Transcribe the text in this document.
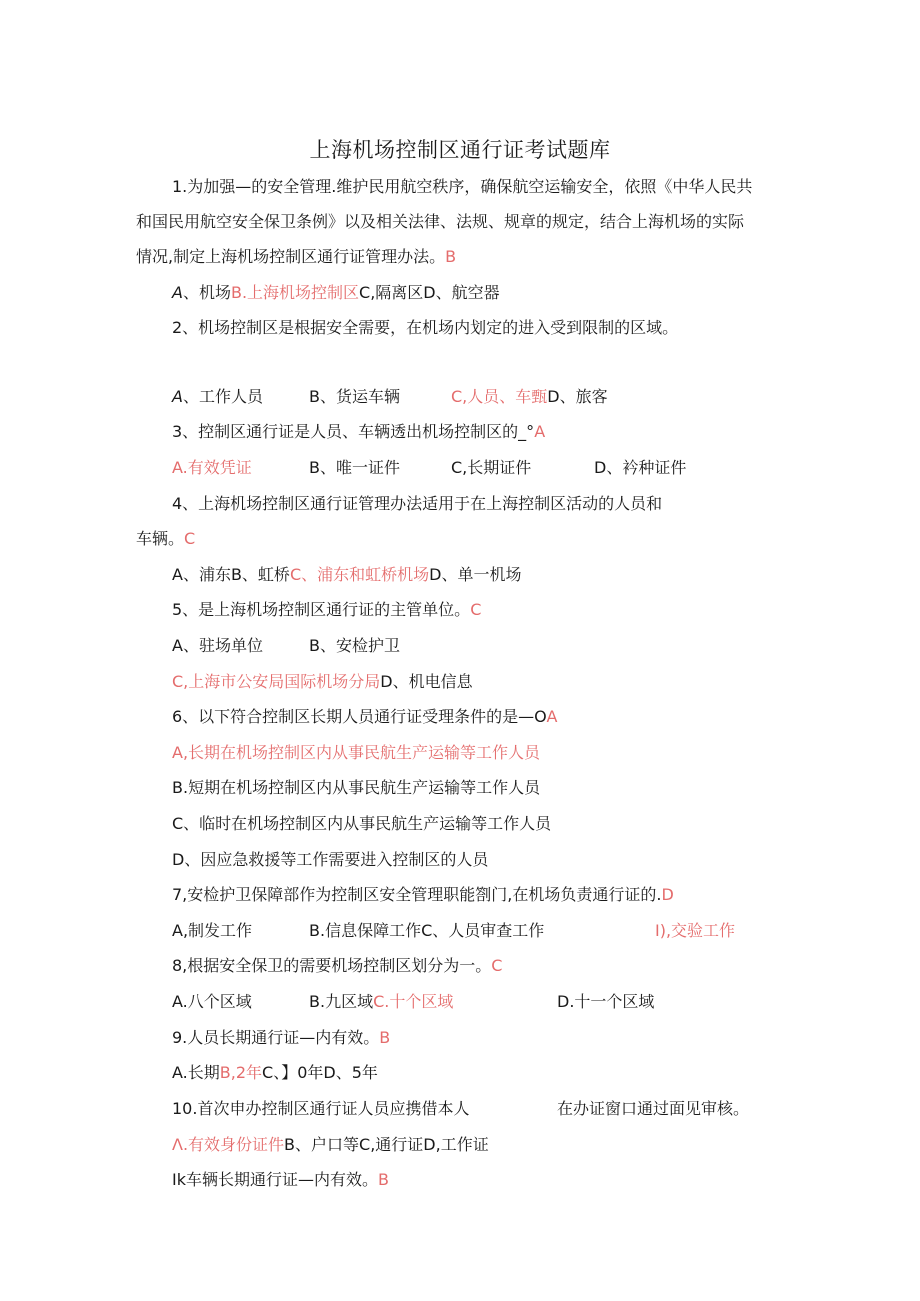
上海机场控制区通行证考试题库
1.为加强—的安全管理.维护民用航空秩序，确保航空运输安全，依照《中华人民共
和国民用航空安全保卫条例》以及相关法律、法规、规章的规定，结合上海机场的实际
情况,制定上海机场控制区通行证管理办法。B
A、机场B.上海机场控制区C,隔离区D、航空器
2、机场控制区是根据安全需要，在机场内划定的进入受到限制的区域。
A、工作人员	B、货运车辆	C,人员、车甄D、旅客
3、控制区通行证是人员、车辆透出机场控制区的_°A
A.有效凭证	B、唯一证件	C,长期证件	D、衿种证件
4、上海机场控制区通行证管理办法适用于在上海控制区活动的人员和
车辆。C
A、浦东B、虹桥C、浦东和虹桥机场D、单一机场
5、是上海机场控制区通行证的主管单位。C
A、驻场单位	B、安检护卫
C,上海市公安局国际机场分局D、机电信息
6、以下符合控制区长期人员通行证受理条件的是—OA
A,长期在机场控制区内从事民航生产运输等工作人员
B.短期在机场控制区内从事民航生产运输等工作人员
C、临时在机场控制区内从事民航生产运输等工作人员
D、因应急救援等工作需要进入控制区的人员
7,安检护卫保障部作为控制区安全管理职能劄门,在机场负责通行证的.D
A,制发工作	B.信息保障工作C、人员审查工作	I),交验工作
8,根据安全保卫的需要机场控制区划分为一。C
A.八个区域	B.九区域C.十个区域	D.十一个区域
9.人员长期通行证—内有效。B
A.长期B,2年C、】0年D、5年
10.首次申办控制区通行证人员应携借本人	在办证窗口通过面见审核。
Λ.有效身份证件B、户口等C,通行证D,工作证
Ik车辆长期通行证—内有效。B
